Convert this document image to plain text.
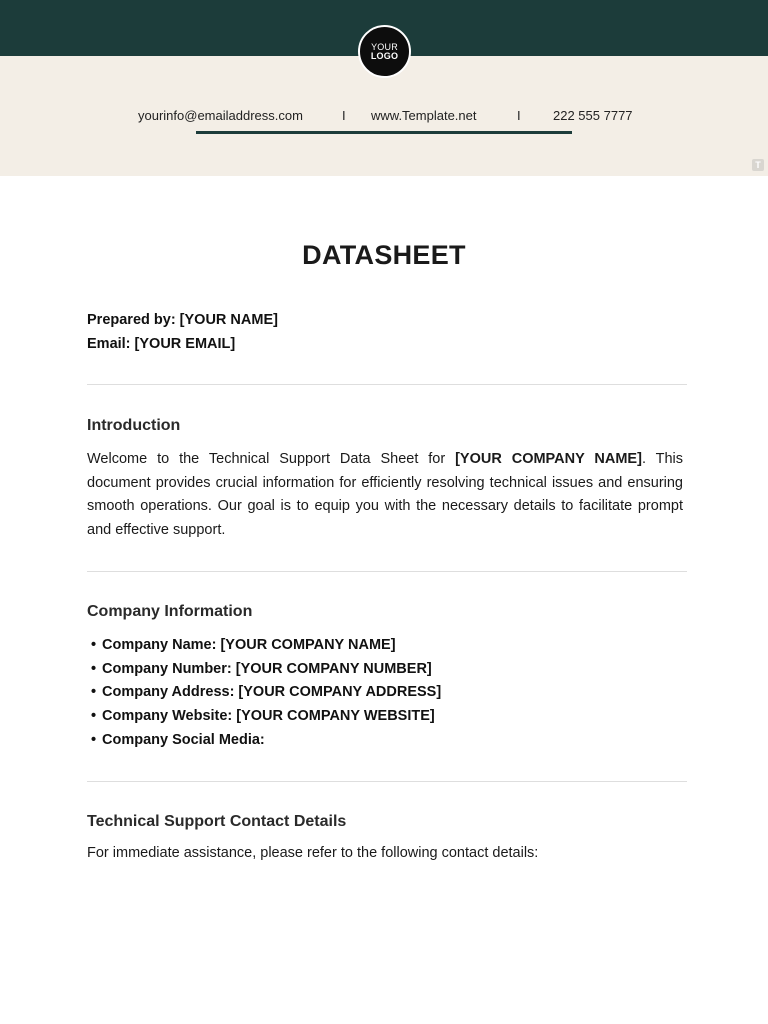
YOUR
LOGO
yourinfo@emailaddress.com	I www.Template.net	I 222 555 7777
T
DATASHEET
Prepared by: [YOUR NAME]
Email: [YOUR EMAIL]
Introduction

Welcome to the Technical Support Data Sheet for [YOUR COMPANY NAME]. This document provides crucial information for efficiently resolving technical issues and ensuring smooth operations. Our goal is to equip you with the necessary details to facilitate prompt and effective support.

Company Information
• Company Name: [YOUR COMPANY NAME]
• Company Number: [YOUR COMPANY NUMBER]
• Company Address: [YOUR COMPANY ADDRESS]
• Company Website: [YOUR COMPANY WEBSITE]
• Company Social Media:
Technical Support Contact Details

For immediate assistance, please refer to the following contact details:
